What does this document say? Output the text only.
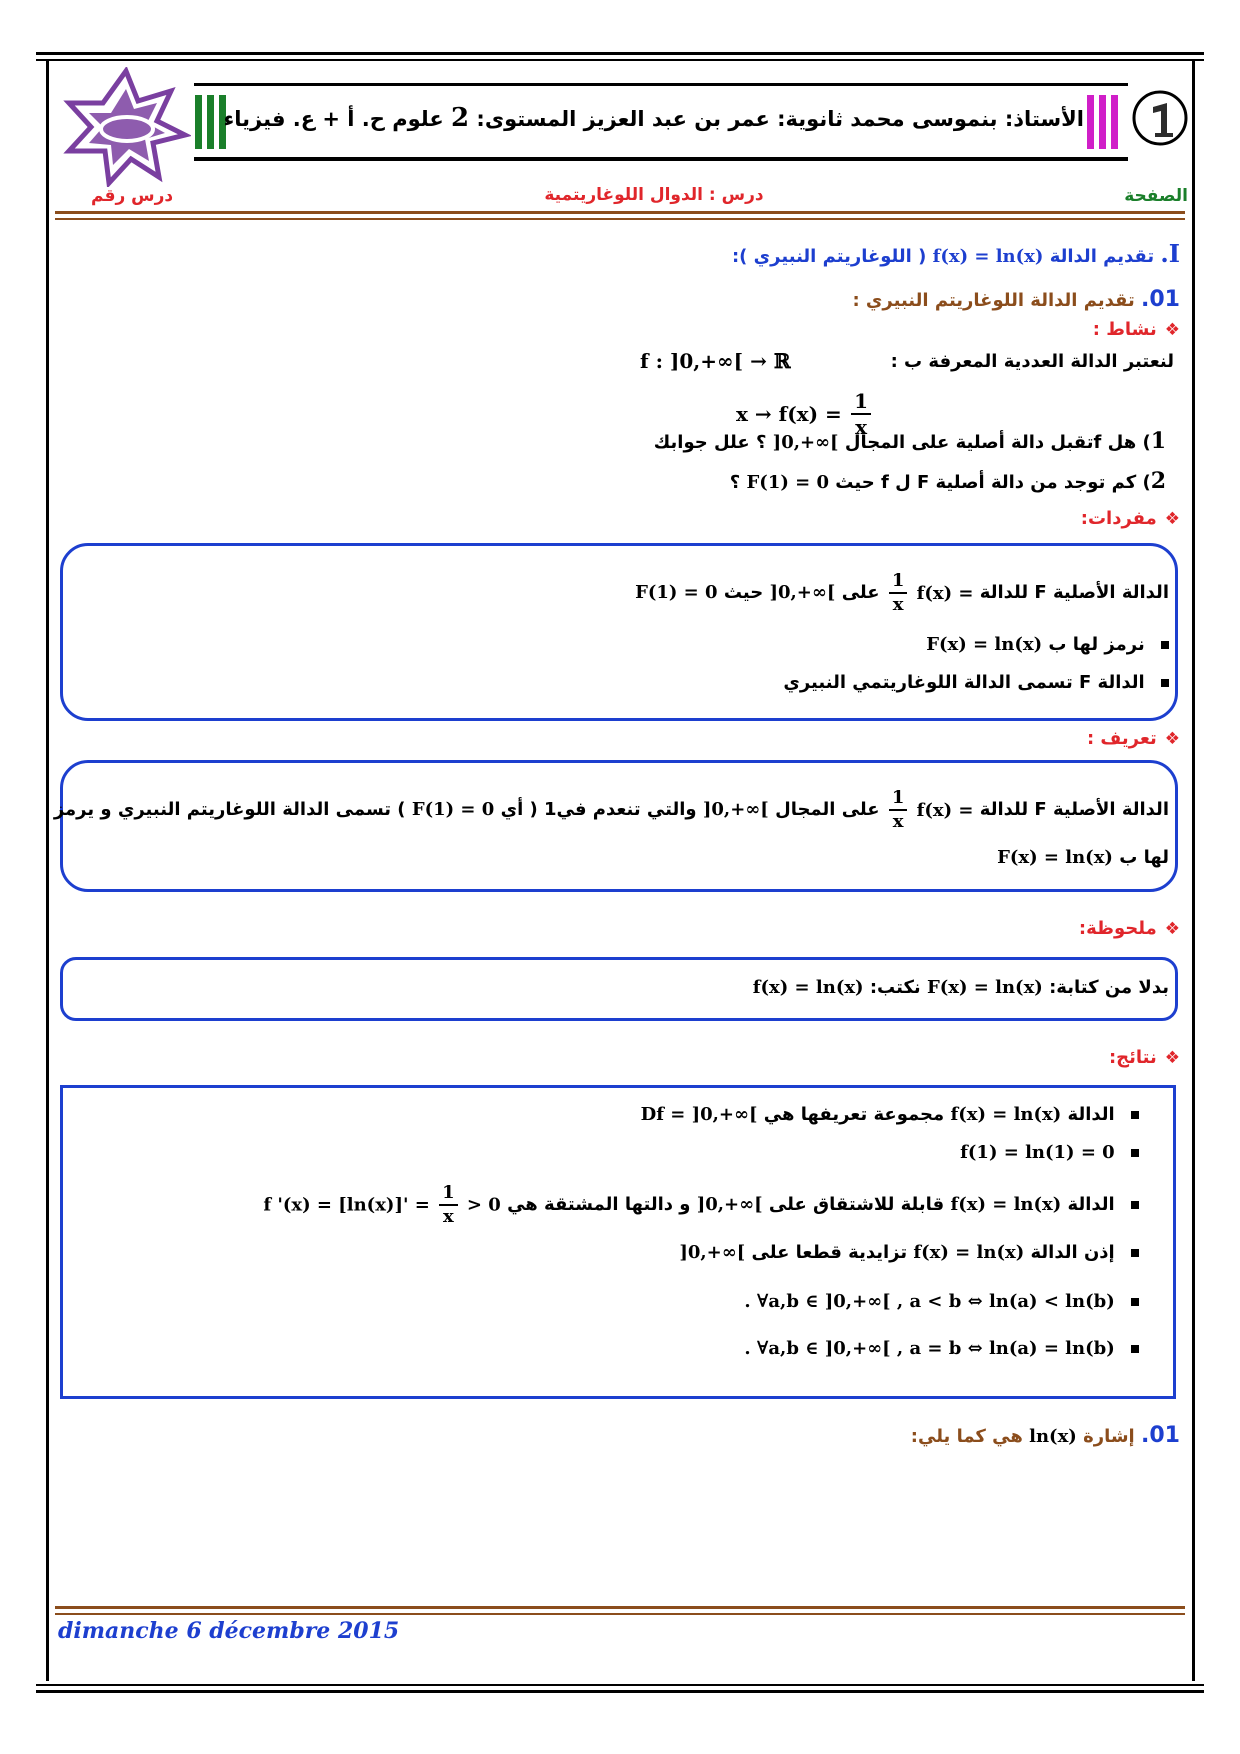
الأستاذ: بنموسى محمد ثانوية: عمر بن عبد العزيز المستوى: 2 علوم ح. أ + ع. فيزياء
الصفحة
درس : الدوال اللوغاريتمية
درس رقم
I. تقديم الدالة f(x) = ln(x) ( اللوغاريتم النبيري ):
01. تقديم الدالة اللوغاريتم النبيري :
❖نشاط :
لنعتبر الدالة العددية المعرفة ب :
f : ]0,+∞[ → ℝ
$x \to f(x) = \frac{1}{x}$
1) هل fتقبل دالة أصلية على المجال ]0,+∞[ ؟ علل جوابك
2) كم توجد من دالة أصلية F ل f حيث F(1) = 0 ؟
❖مفردات:
الدالة الأصلية F للدالة f(x) =
$\frac{1}{x}$
على ]0,+∞[ حيث F(1) = 0
نرمز لها ب F(x) = ln(x)
الدالة F تسمى الدالة اللوغاريتمي النبيري
❖تعريف :
الدالة الأصلية F للدالة f(x) =
$\frac{1}{x}$
على المجال ]0,+∞[ والتي تنعدم في1 ( أي F(1) = 0 ) تسمى الدالة اللوغاريتم النبيري و يرمز
لها ب F(x) = ln(x)
❖ملحوظة:
بدلا من كتابة: F(x) = ln(x) نكتب: f(x) = ln(x)
❖نتائج:
الدالة f(x) = ln(x) مجموعة تعريفها هي Df = ]0,+∞[
f(1) = ln(1) = 0
الدالة f(x) = ln(x) قابلة للاشتقاق على ]0,+∞[ و دالتها المشتقة هي f '$(x) = [\ln(x)]' = \frac{1}{x} > 0$
إذن الدالة f(x) = ln(x) تزايدية قطعا على ]0,+∞[
. ∀a,b ∈ ]0,+∞[ , a < b ⇔ ln(a) < ln(b)
. ∀a,b ∈ ]0,+∞[ , a = b ⇔ ln(a) = ln(b)
01. إشارة ln(x) هي كما يلي:
dimanche 6 décembre 2015
